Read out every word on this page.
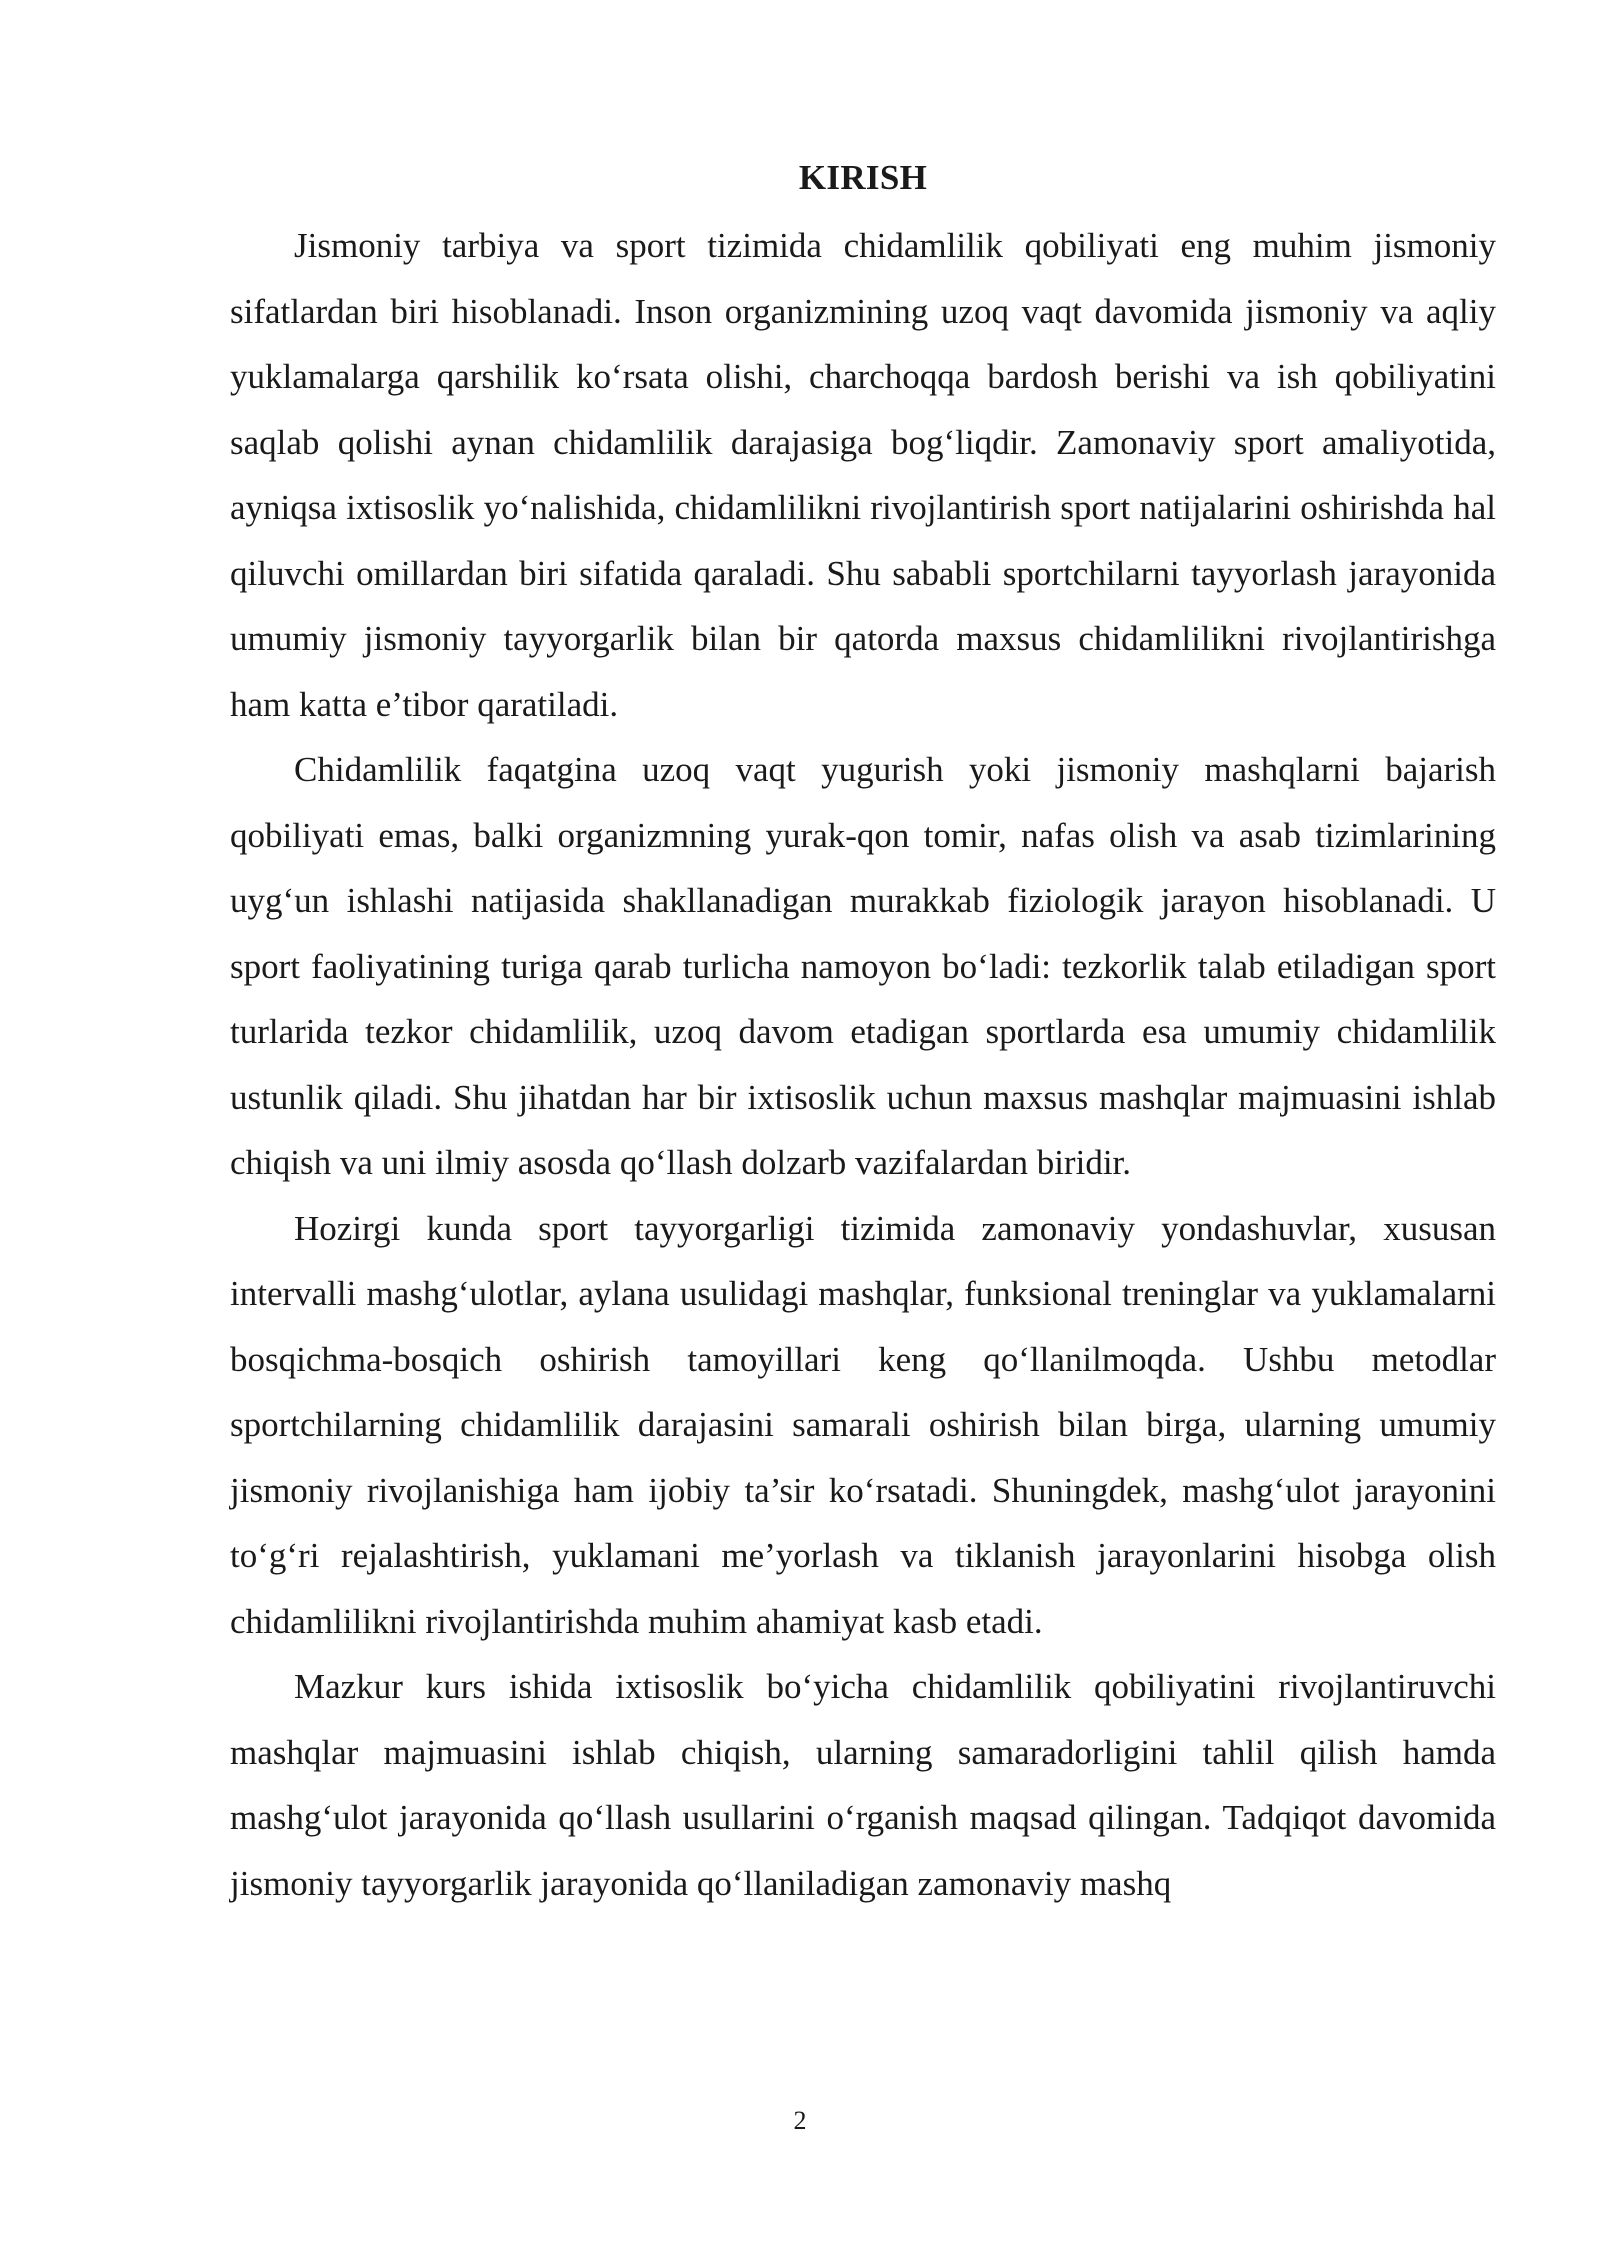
KIRISH

Jismoniy tarbiya va sport tizimida chidamlilik qobiliyati eng muhim jismoniy sifatlardan biri hisoblanadi. Inson organizmining uzoq vaqt davomida jismoniy va aqliy yuklamalarga qarshilik ko‘rsata olishi, charchoqqa bardosh berishi va ish qobiliyatini saqlab qolishi aynan chidamlilik darajasiga bog‘liqdir. Zamonaviy sport amaliyotida, ayniqsa ixtisoslik yo‘nalishida, chidamlilikni rivojlantirish sport natijalarini oshirishda hal qiluvchi omillardan biri sifatida qaraladi. Shu sababli sportchilarni tayyorlash jarayonida umumiy jismoniy tayyorgarlik bilan bir qatorda maxsus chidamlilikni rivojlantirishga ham katta e’tibor qaratiladi.

Chidamlilik faqatgina uzoq vaqt yugurish yoki jismoniy mashqlarni bajarish qobiliyati emas, balki organizmning yurak-qon tomir, nafas olish va asab tizimlarining uyg‘un ishlashi natijasida shakllanadigan murakkab fiziologik jarayon hisoblanadi. U sport faoliyatining turiga qarab turlicha namoyon bo‘ladi: tezkorlik talab etiladigan sport turlarida tezkor chidamlilik, uzoq davom etadigan sportlarda esa umumiy chidamlilik ustunlik qiladi. Shu jihatdan har bir ixtisoslik uchun maxsus mashqlar majmuasini ishlab chiqish va uni ilmiy asosda qo‘llash dolzarb vazifalardan biridir.

Hozirgi kunda sport tayyorgarligi tizimida zamonaviy yondashuvlar, xususan intervalli mashg‘ulotlar, aylana usulidagi mashqlar, funksional treninglar va yuklamalarni bosqichma-bosqich oshirish tamoyillari keng qo‘llanilmoqda. Ushbu metodlar sportchilarning chidamlilik darajasini samarali oshirish bilan birga, ularning umumiy jismoniy rivojlanishiga ham ijobiy ta’sir ko‘rsatadi. Shuningdek, mashg‘ulot jarayonini to‘g‘ri rejalashtirish, yuklamani me’yorlash va tiklanish jarayonlarini hisobga olish chidamlilikni rivojlantirishda muhim ahamiyat kasb etadi.

Mazkur kurs ishida ixtisoslik bo‘yicha chidamlilik qobiliyatini rivojlantiruvchi mashqlar majmuasini ishlab chiqish, ularning samaradorligini tahlil qilish hamda mashg‘ulot jarayonida qo‘llash usullarini o‘rganish maqsad qilingan. Tadqiqot davomida jismoniy tayyorgarlik jarayonida qo‘llaniladigan zamonaviy mashq

2
